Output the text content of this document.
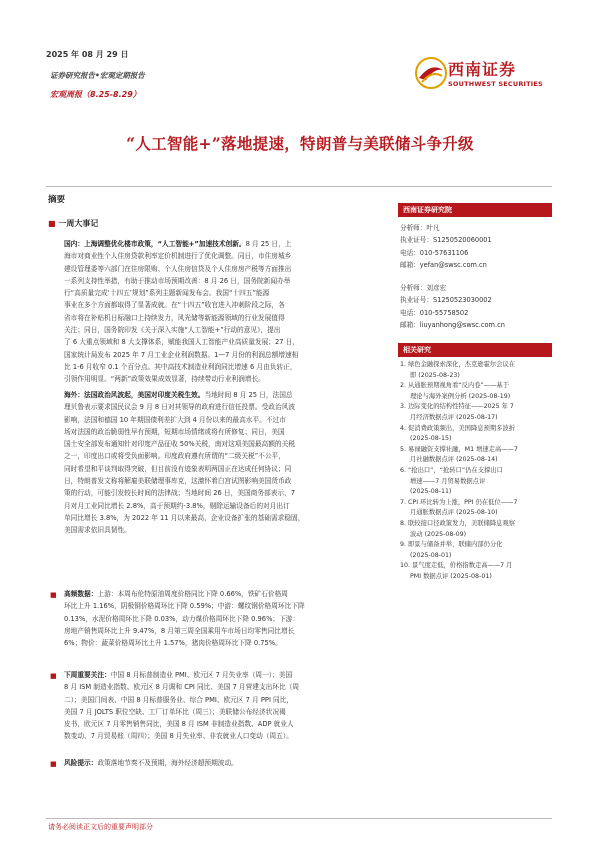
2025 年 08 月 29 日
证券研究报告•宏观定期报告
宏观周报（8.25-8.29）
西南证券
SOUTHWEST SECURITIES
“人工智能+”落地提速，特朗普与美联储斗争升级
摘要
■ 一周大事记
国内：上海调整优化楼市政策，“人工智能+”加速技术创新。8 月 25 日，上
海市对商业性个人住房贷款利率定价机制进行了优化调整。同日，市住房城乡
建设管理委等六部门在住房限购、个人住房信贷及个人住房房产税等方面推出
一系列支持性举措，有助于推动市场预期改善：8 月 26 日，国务院新闻办举
行“高质量完成‘十四五’规划”系列主题新闻发布会。我国“十四五”能源
事业在多个方面都取得了显著成就。在“十四五”收官进入冲刺阶段之际，各
省市将在补贴机日标融口上持续发力，风光储等新能源领域的行业发展值得
关注；同日，国务院印发《关于深入实施“人工智能+”行动的意见》，提出
了 6 大重点领域和 8 大支撑体系，赋能我国人工智能产业高质量发展；27 日，
国家统计局发布 2025 年 7 月工业企业利润数据。1—7 月份的利润总额增速相
比 1-6 月收窄 0.1 个百分点。其中高技术制造业利润同比增速 6 月由负转正，
引领作用明显。“两新”政策效果成效显著，持续带动行业利润增长。
海外：法国政治风波起，美国对印度关税生效。当地时间 8 月 25 日，法国总
理贝鲁表示要求国民议会 9 月 8 日对其领导的政府进行信任投票。受政治风波
影响，法国和德国 10 年期国债利差扩大到 4 月份以来的最高水平。不过市
场对法国的政治脆弱性早有预期，短期市场情绪或将有所修复；同日，美国
国土安全部发布通知针对印度产品征收 50%关税，南对这项美国最高额的关税
之一，印度出口或将受负面影响。印度政府遵有所谓的“二级关税”不公平，
同时希望和平谈判取得突破，但目前没有迹象表明两国正在达成任何协议；同
日，特朗普发文称将解雇美联储理事库克，这激怀着白宫试图影响美国货币政
策的行动，可能引发较长时间的法律战；当地时间 26 日，美国商务部表示，7
月对月工业同比增长 2.8%，高于预期约-3.8%，剔除运输设备后的对月出订
单同比增长 3.8%，为 2022 年 11 月以来最高，企业设备扩张的基础需求稳固，
美国需求依旧具韧性。
■ 高频数据：上游：本周布伦特原油周度价格同比下降 0.66%，铁矿石价格周
环比上升 1.16%，阴极铜价格周环比下降 0.59%；中游：螺纹钢价格周环比下降
0.13%，水泥价格周环比下降 0.03%，动力煤价格周环比下降 0.96%；下游：
房地产销售周环比上升 9.47%，8 月第三周全国乘用车市场日均零售同比增长
6%；物价：蔬菜价格周环比上升 1.57%，猪肉价格周环比下降 0.75%。
■ 下周重要关注：中国 8 月标普制造业 PMI、欧元区 7 月失业率（周一）；美国
8 月 ISM 制造业指数、欧元区 8 月调和 CPI 同比、美国 7 月营建支出环比（周
二）；美国门间表、中国 8 月标普服务业、综合 PMI、欧元区 7 月 PPI 同比，
美国 7 月 JOLTS 职位空缺、工厂订单环比（周三）；美联储公布经济状况褐
皮书，欧元区 7 月零售销售同比，美国 8 月 ISM 非制造业指数、ADP 就业人
数变动、7 月贸易账（周四）；美国 8 月失业率、非农就业人口变动（周五）。
■ 风险提示：政策落地节奏不及预期，海外经济超预期波动。
西南证券研究院
分析师：叶凡
执业证号：S1250520060001
电话：010-57631106
邮箱：yefan@swsc.com.cn
分析师：刘彦宏
执业证号：S1250523030002
电话：010-55758502
邮箱：liuyanhong@swsc.com.cn
相关研究
1. 绿色金融探索深化，杰克逊霍尔会议在
即 (2025-08-23)
2. 从通胀预期视角看“反内卷”——基于
理论与海外案例分析 (2025-08-19)
3. 边际变化的结构性特征——2025 年 7
月经济数据点评 (2025-08-17)
4. 促消费政策频出，美国降息预期多波折
(2025-08-15)
5. 易禄融资支撑社融，M1 增速走高——7
月社融数据点评 (2025-08-14)
6. “抢出口”，“抢转口”仍在支撑出口
增速——7 月贸易数据点评
(2025-08-11)
7. CPI 环比转为上涨，PPI 仍在低位——7
月通胀数据点评 (2025-08-10)
8. 联较接口径政策发力，美联储降息观察
波动 (2025-08-09)
9. 即景与储备并举，联储内部仍分化
(2025-08-01)
10. 景气度走低，价格指数走高——7 月
PMI 数据点评 (2025-08-01)
请务必阅读正文后的重要声明部分
